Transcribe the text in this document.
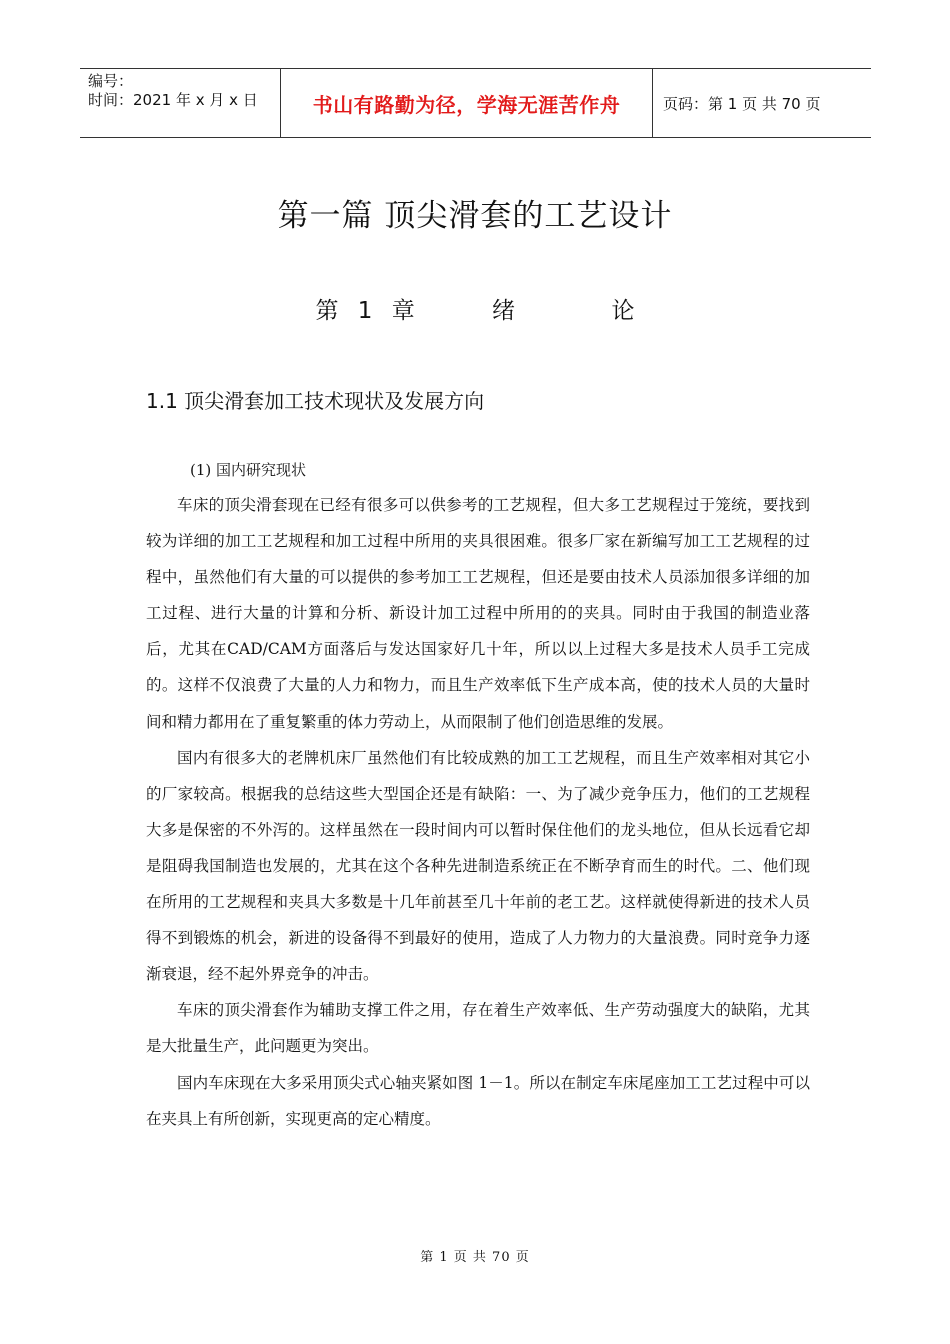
编号：
时间：2021 年 x 月 x 日	书山有路勤为径，学海无涯苦作舟	页码：第 1 页 共 70 页
第一篇 顶尖滑套的工艺设计
第 1 章    绪     论
1.1 顶尖滑套加工技术现状及发展方向
(1) 国内研究现状

车床的顶尖滑套现在已经有很多可以供参考的工艺规程，但大多工艺规程过于笼统，要找到较为详细的加工工艺规程和加工过程中所用的夹具很困难。很多厂家在新编写加工工艺规程的过程中，虽然他们有大量的可以提供的参考加工工艺规程，但还是要由技术人员添加很多详细的加工过程、进行大量的计算和分析、新设计加工过程中所用的的夹具。同时由于我国的制造业落后，尤其在CAD/CAM方面落后与发达国家好几十年，所以以上过程大多是技术人员手工完成的。这样不仅浪费了大量的人力和物力，而且生产效率低下生产成本高，使的技术人员的大量时间和精力都用在了重复繁重的体力劳动上，从而限制了他们创造思维的发展。

国内有很多大的老牌机床厂虽然他们有比较成熟的加工工艺规程，而且生产效率相对其它小的厂家较高。根据我的总结这些大型国企还是有缺陷：一、为了减少竞争压力，他们的工艺规程大多是保密的不外泻的。这样虽然在一段时间内可以暂时保住他们的龙头地位，但从长远看它却是阻碍我国制造也发展的，尤其在这个各种先进制造系统正在不断孕育而生的时代。二、他们现在所用的工艺规程和夹具大多数是十几年前甚至几十年前的老工艺。这样就使得新进的技术人员得不到锻炼的机会，新进的设备得不到最好的使用，造成了人力物力的大量浪费。同时竞争力逐渐衰退，经不起外界竞争的冲击。

车床的顶尖滑套作为辅助支撑工件之用，存在着生产效率低、生产劳动强度大的缺陷，尤其是大批量生产，此问题更为突出。

国内车床现在大多采用顶尖式心轴夹紧如图 1－1。所以在制定车床尾座加工工艺过程中可以在夹具上有所创新，实现更高的定心精度。

第 1 页 共 70 页
